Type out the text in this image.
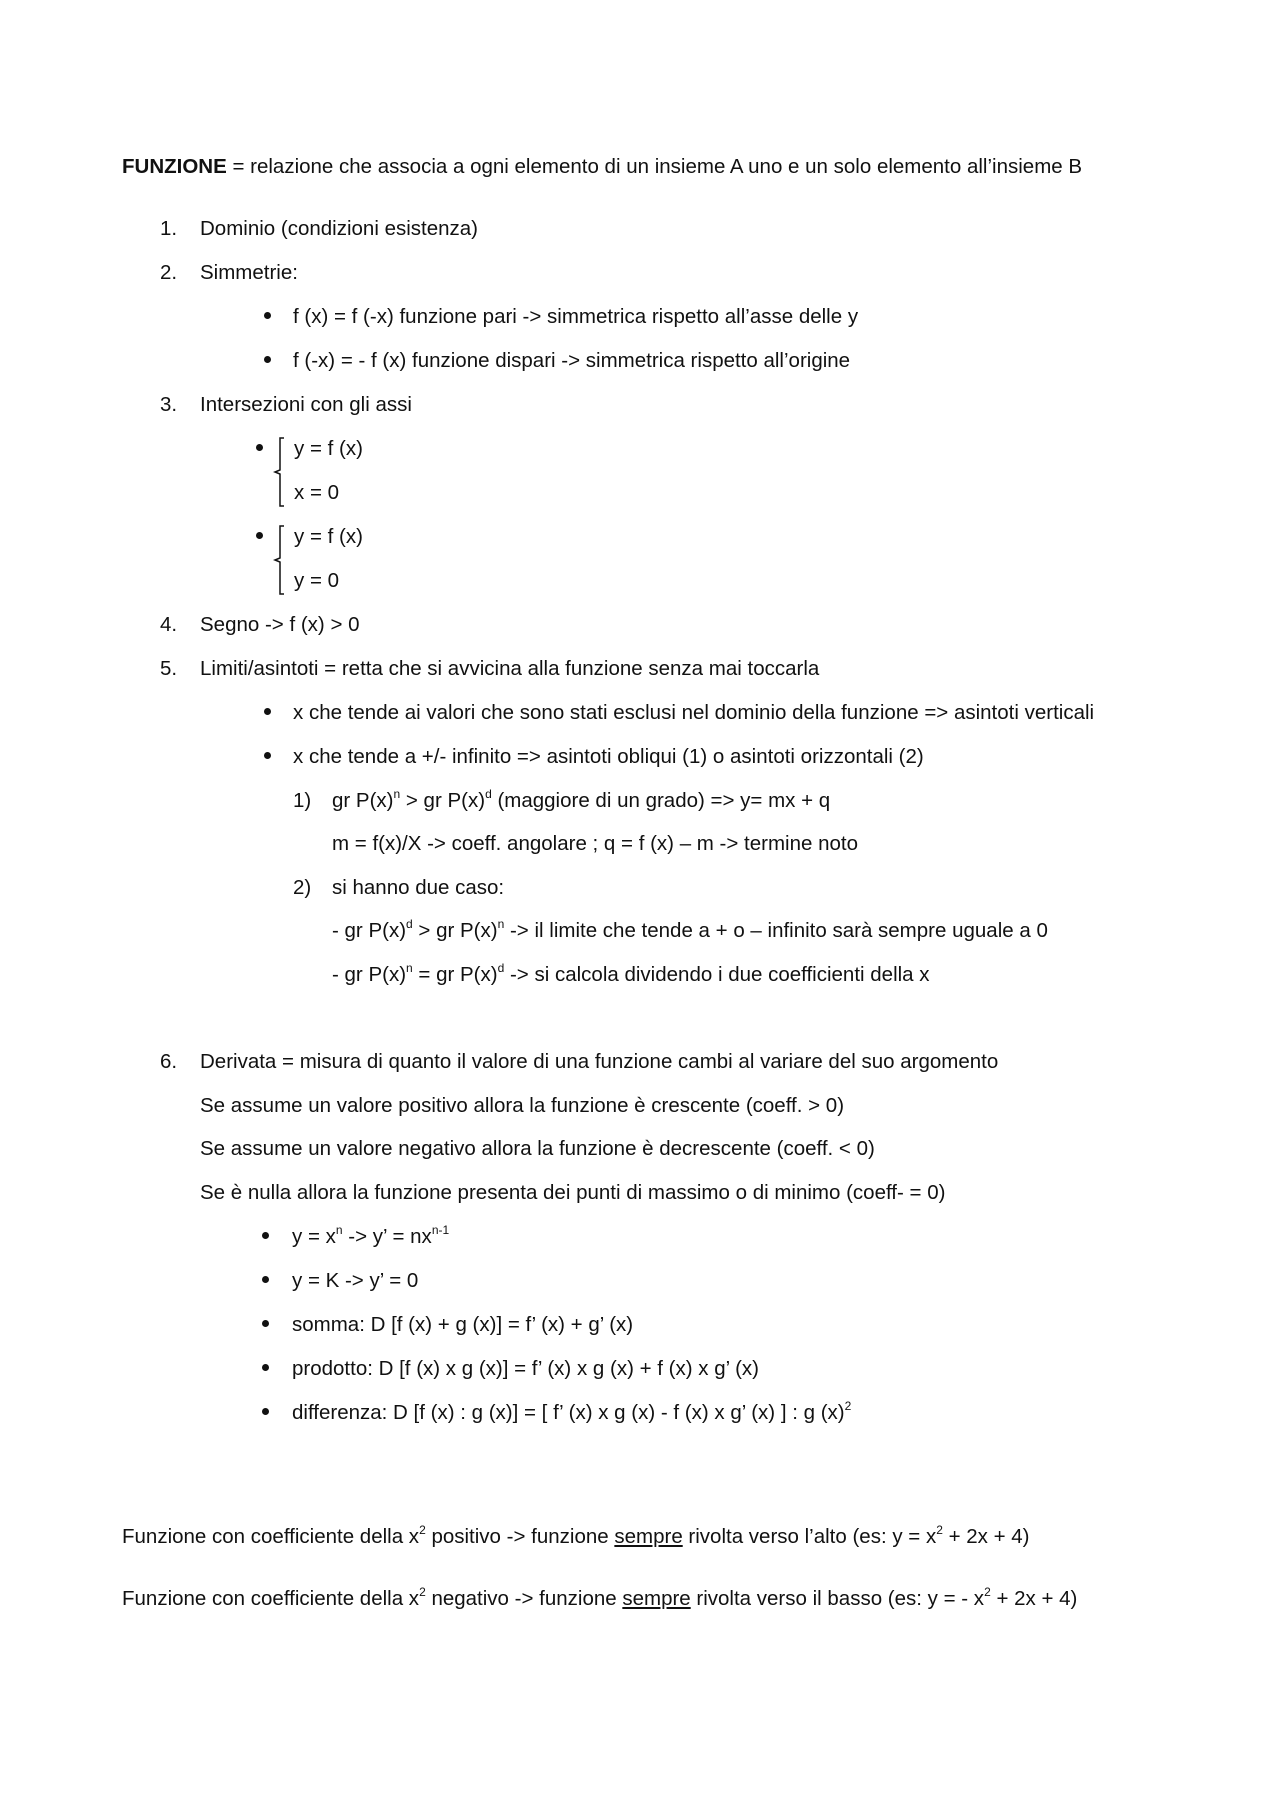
FUNZIONE = relazione che associa a ogni elemento di un insieme A uno e un solo elemento all’insieme B
1. Dominio (condizioni esistenza)
2. Simmetrie:
f (x) = f (-x) funzione pari -> simmetrica rispetto all’asse delle y
f (-x) = - f (x) funzione dispari -> simmetrica rispetto all’origine
3. Intersezioni con gli assi
y = f (x)
x = 0
y = f (x)
y = 0
4. Segno -> f (x) > 0
5. Limiti/asintoti = retta che si avvicina alla funzione senza mai toccarla
x che tende ai valori che sono stati esclusi nel dominio della funzione => asintoti verticali
x che tende a +/- infinito => asintoti obliqui (1) o asintoti orizzontali (2)
1) gr $P(x)^n$ > gr $P(x)^d$ (maggiore di un grado) => y= mx + q
m = f(x)/X -> coeff. angolare ; q = f (x) – m -> termine noto
2) si hanno due caso:
- gr $P(x)^d$ > gr $P(x)^n$ -> il limite che tende a + o – infinito sarà sempre uguale a 0
- gr $P(x)^n$ = gr $P(x)^d$ -> si calcola dividendo i due coefficienti della x
6. Derivata = misura di quanto il valore di una funzione cambi al variare del suo argomento
Se assume un valore positivo allora la funzione è crescente (coeff. > 0)
Se assume un valore negativo allora la funzione è decrescente (coeff. < 0)
Se è nulla allora la funzione presenta dei punti di massimo o di minimo (coeff- = 0)
$y = x^n -> y$’ = $nx^{n-1}$
y = K -> y’ = 0
somma: D [f (x) + g (x)] = f’ (x) + g’ (x)
prodotto: D [f (x) x g (x)] = f’ (x) x g (x) + f (x) x g’ (x)
differenza: D [f (x) : g (x)] = [ f’ (x) x g (x) - f (x) x g’ (x) ] : g $(x)^2$
Funzione con coefficiente della $x^2$ positivo -> funzione sempre rivolta verso l’alto (es: $y = x^2 + 2x + 4$)
Funzione con coefficiente della $x^2$ negativo -> funzione sempre rivolta verso il basso (es: y = - $x^2 + 2x + 4$)
